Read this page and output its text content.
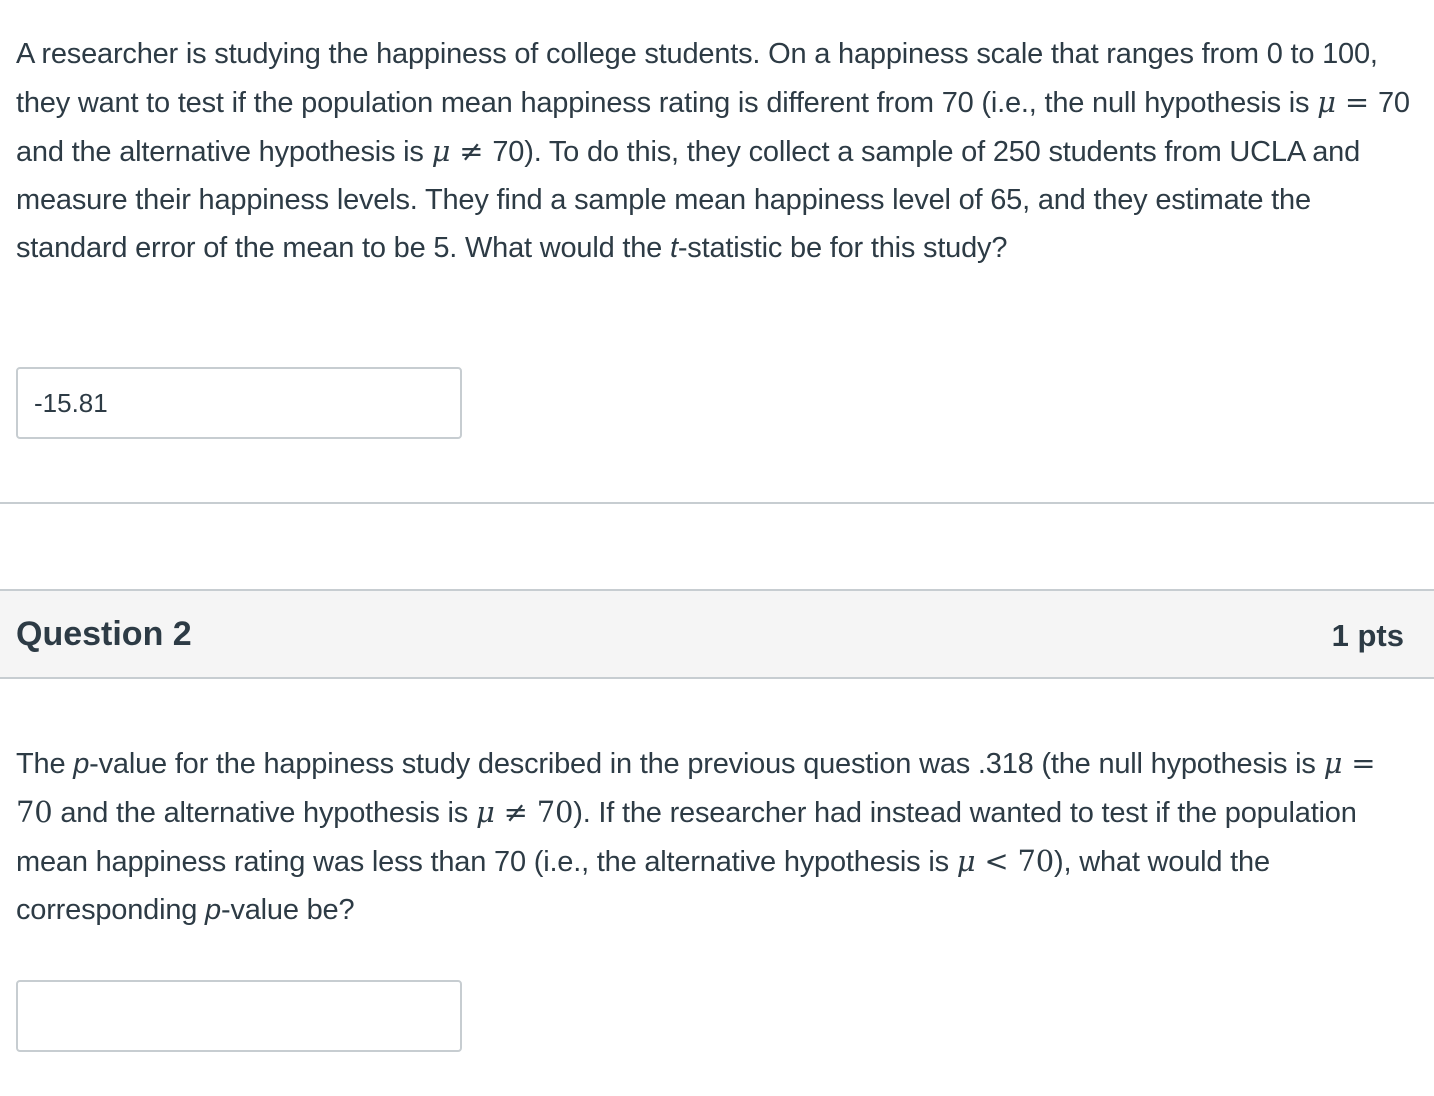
A researcher is studying the happiness of college students. On a happiness scale that ranges from 0 to 100, they want to test if the population mean happiness rating is different from 70 (i.e., the null hypothesis is μ = 70 and the alternative hypothesis is μ ≠ 70). To do this, they collect a sample of 250 students from UCLA and measure their happiness levels. They find a sample mean happiness level of 65, and they estimate the standard error of the mean to be 5. What would the t-statistic be for this study?

-15.81
Question 2	1 pts

The p-value for the happiness study described in the previous question was .318 (the null hypothesis is μ = 70 and the alternative hypothesis is μ ≠ 70). If the researcher had instead wanted to test if the population mean happiness rating was less than 70 (i.e., the alternative hypothesis is μ < 70), what would the corresponding p-value be?
